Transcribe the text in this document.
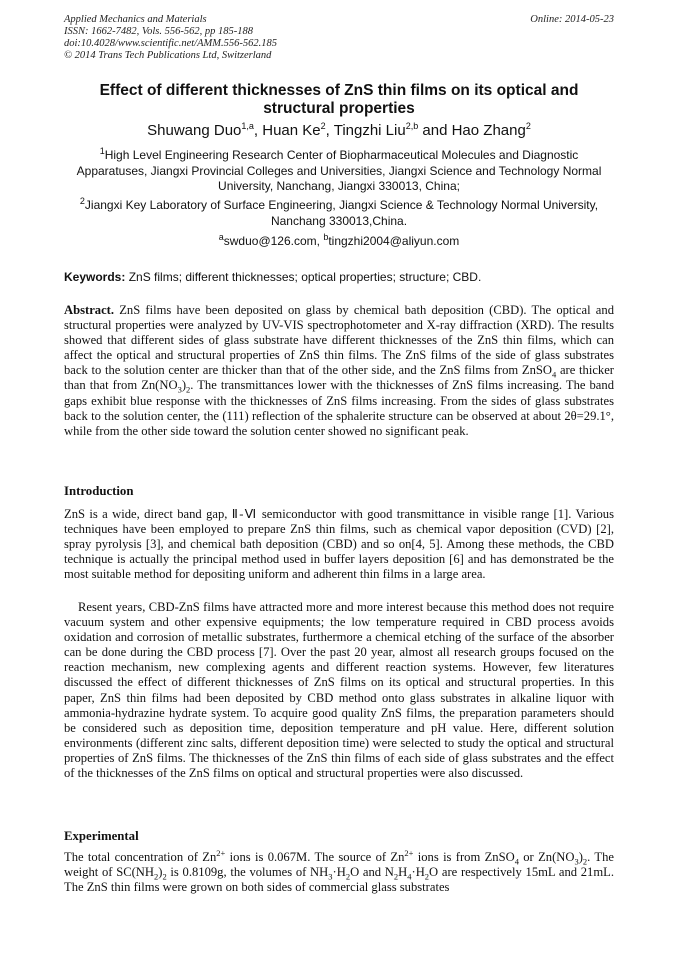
Applied Mechanics and Materials
ISSN: 1662-7482, Vols. 556-562, pp 185-188
doi:10.4028/www.scientific.net/AMM.556-562.185
© 2014 Trans Tech Publications Ltd, Switzerland
Online: 2014-05-23
Effect of different thicknesses of ZnS thin films on its optical and structural properties
Shuwang Duo$^{1,a}$, Huan Ke$^2$, Tingzhi Liu$^{2,b}$ and Hao Zhang$^2$
$^1$High Level Engineering Research Center of Biopharmaceutical Molecules and Diagnostic Apparatuses, Jiangxi Provincial Colleges and Universities, Jiangxi Science and Technology Normal University, Nanchang, Jiangxi 330013, China;
$^2$Jiangxi Key Laboratory of Surface Engineering, Jiangxi Science & Technology Normal University, Nanchang 330013,China.
$^a$swduo@126.com, $^b$tingzhi2004@aliyun.com
Keywords: ZnS films; different thicknesses; optical properties; structure; CBD.
Abstract. ZnS films have been deposited on glass by chemical bath deposition (CBD). The optical and structural properties were analyzed by UV-VIS spectrophotometer and X-ray diffraction (XRD). The results showed that different sides of glass substrate have different thicknesses of the ZnS thin films, which can affect the optical and structural properties of ZnS thin films. The ZnS films of the side of glass substrates back to the solution center are thicker than that of the other side, and the ZnS films from ZnSO$_4$ are thicker than that from $Zn(NO_3)_2$. The transmittances lower with the thicknesses of ZnS films increasing. The band gaps exhibit blue response with the thicknesses of ZnS films increasing. From the sides of glass substrates back to the solution center, the (111) reflection of the sphalerite structure can be observed at about 2θ=29.1°, while from the other side toward the solution center showed no significant peak.
Introduction
ZnS is a wide, direct band gap, Ⅱ-Ⅵ semiconductor with good transmittance in visible range [1]. Various techniques have been employed to prepare ZnS thin films, such as chemical vapor deposition (CVD) [2], spray pyrolysis [3], and chemical bath deposition (CBD) and so on[4, 5]. Among these methods, the CBD technique is actually the principal method used in buffer layers deposition [6] and has demonstrated be the most suitable method for depositing uniform and adherent thin films in a large area.
Resent years, CBD-ZnS films have attracted more and more interest because this method does not require vacuum system and other expensive equipments; the low temperature required in CBD process avoids oxidation and corrosion of metallic substrates, furthermore a chemical etching of the surface of the absorber can be done during the CBD process [7]. Over the past 20 year, almost all research groups focused on the reaction mechanism, new complexing agents and different reaction systems. However, few literatures discussed the effect of different thicknesses of ZnS films on its optical and structural properties. In this paper, ZnS thin films had been deposited by CBD method onto glass substrates in alkaline liquor with ammonia-hydrazine hydrate system. To acquire good quality ZnS films, the preparation parameters should be considered such as deposition time, deposition temperature and pH value. Here, different solution environments (different zinc salts, different deposition time) were selected to study the optical and structural properties of ZnS films. The thicknesses of the ZnS thin films of each side of glass substrates and the effect of the thicknesses of the ZnS films on optical and structural properties were also discussed.
Experimental
The total concentration of $Zn^{2+}$ ions is 0.067M. The source of $Zn^{2+}$ ions is from ZnSO$_4$ or $Zn(NO_3)_2$. The weight of $SC(NH_2)_2$ is 0.8109g, the volumes of $NH_3\cdot H_2O$ and $N_2H_4\cdot H_2O$ are respectively 15mL and 21mL. The ZnS thin films were grown on both sides of commercial glass substrates
